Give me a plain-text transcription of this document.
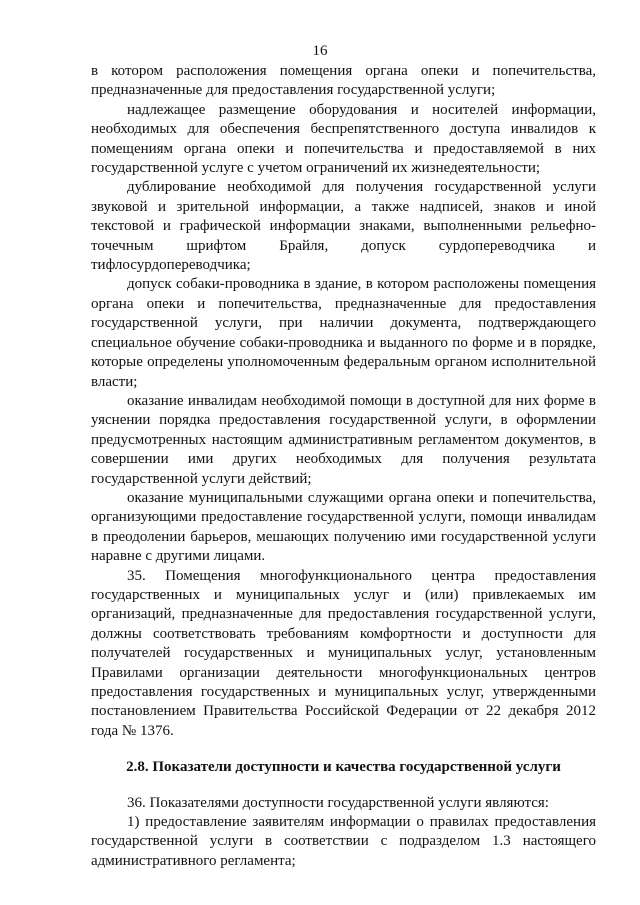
16

в котором расположения помещения органа опеки и попечительства, предназначенные для предоставления государственной услуги;

надлежащее размещение оборудования и носителей информации, необходимых для обеспечения беспрепятственного доступа инвалидов к помещениям органа опеки и попечительства и предоставляемой в них государственной услуге с учетом ограничений их жизнедеятельности;

дублирование необходимой для получения государственной услуги звуковой и зрительной информации, а также надписей, знаков и иной текстовой и графической информации знаками, выполненными рельефно-точечным шрифтом Брайля, допуск сурдопереводчика и тифлосурдопереводчика;

допуск собаки-проводника в здание, в котором расположены помещения органа опеки и попечительства, предназначенные для предоставления государственной услуги, при наличии документа, подтверждающего специальное обучение собаки-проводника и выданного по форме и в порядке, которые определены уполномоченным федеральным органом исполнительной власти;

оказание инвалидам необходимой помощи в доступной для них форме в уяснении порядка предоставления государственной услуги, в оформлении предусмотренных настоящим административным регламентом документов, в совершении ими других необходимых для получения результата государственной услуги действий;

оказание муниципальными служащими органа опеки и попечительства, организующими предоставление государственной услуги, помощи инвалидам в преодолении барьеров, мешающих получению ими государственной услуги наравне с другими лицами.

35. Помещения многофункционального центра предоставления государственных и муниципальных услуг и (или) привлекаемых им организаций, предназначенные для предоставления государственной услуги, должны соответствовать требованиям комфортности и доступности для получателей государственных и муниципальных услуг, установленным Правилами организации деятельности многофункциональных центров предоставления государственных и муниципальных услуг, утвержденными постановлением Правительства Российской Федерации от 22 декабря 2012 года № 1376.

2.8. Показатели доступности и качества государственной услуги

36. Показателями доступности государственной услуги являются:

1) предоставление заявителям информации о правилах предоставления государственной услуги в соответствии с подразделом 1.3 настоящего административного регламента;
